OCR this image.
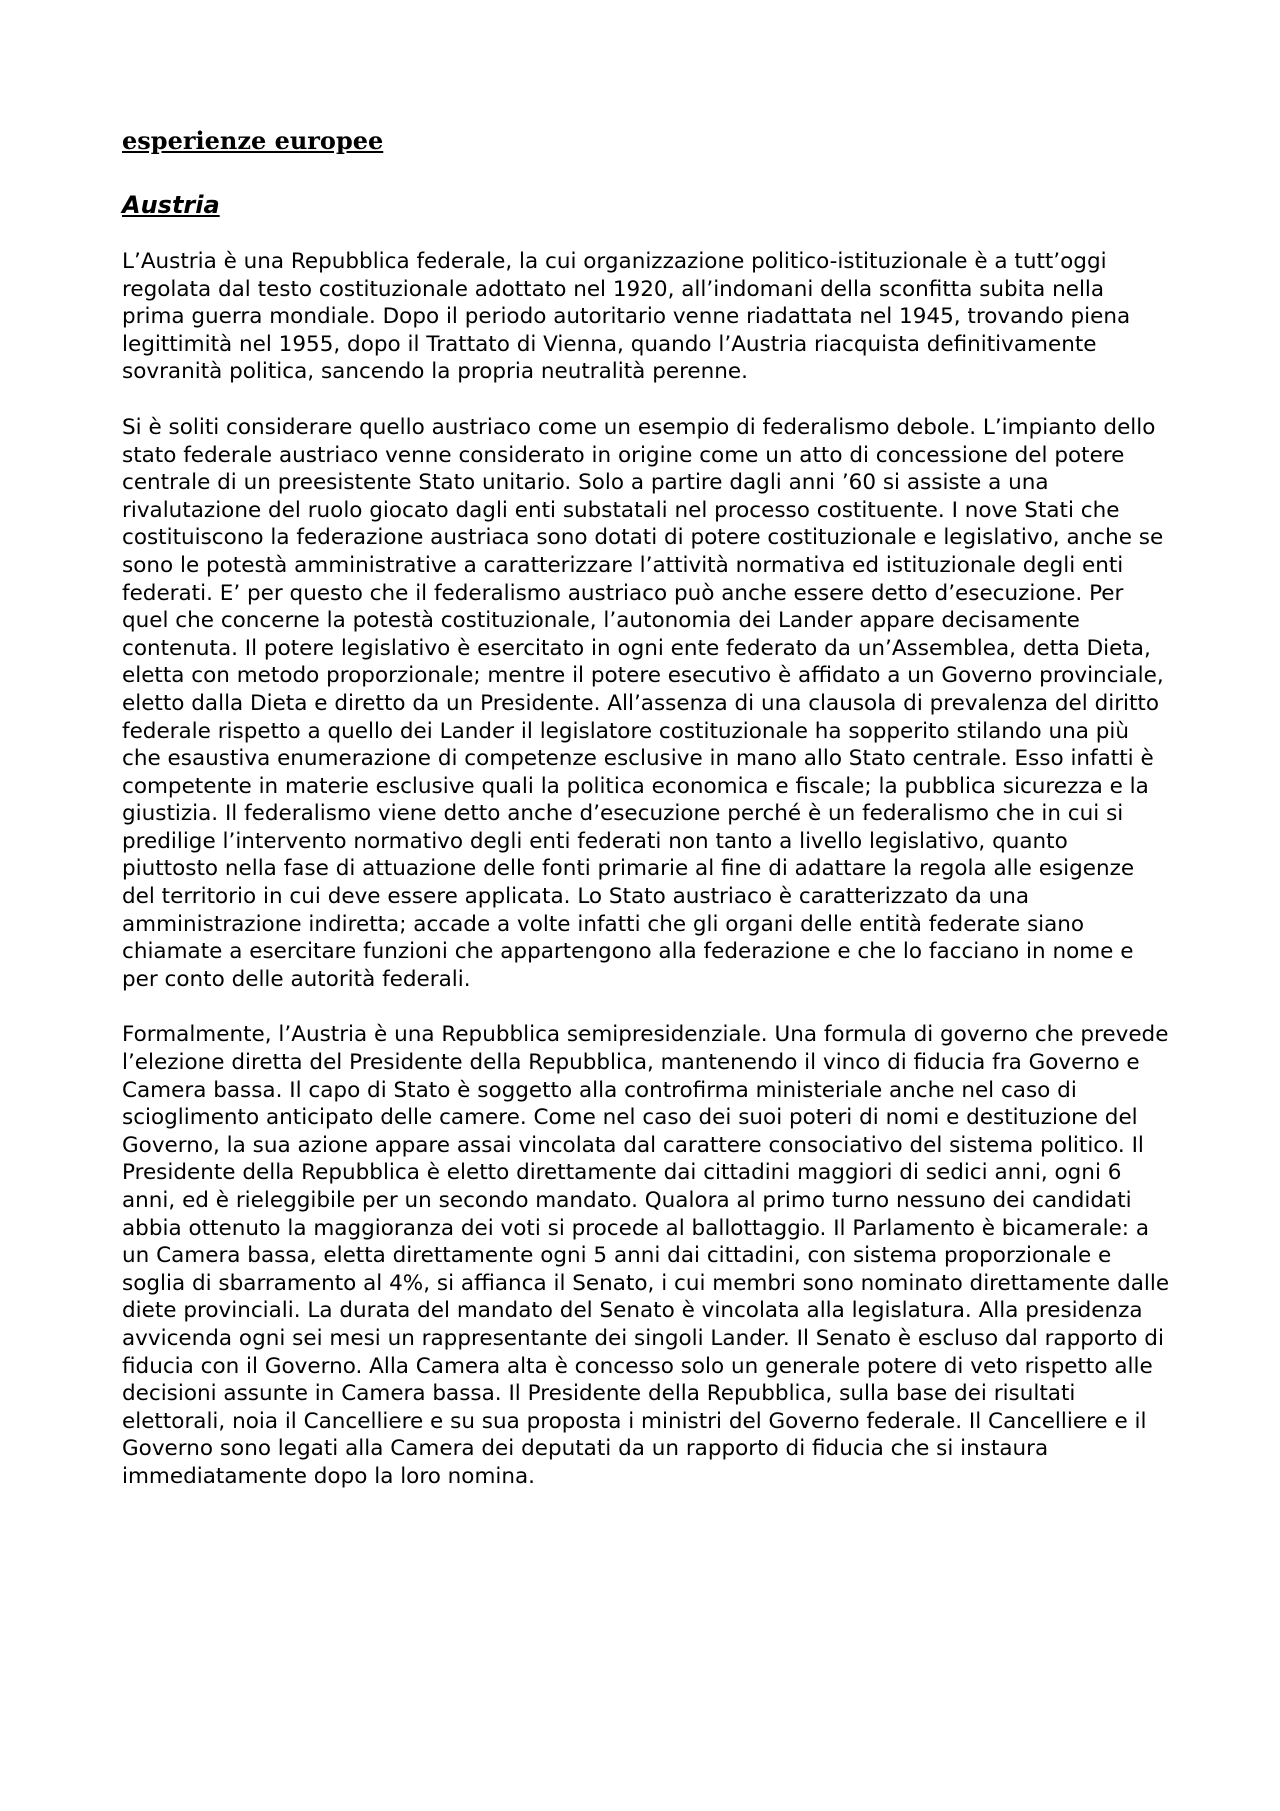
esperienze europee
Austria

L’Austria è una Repubblica federale, la cui organizzazione politico-istituzionale è a tutt’oggi regolata dal testo costituzionale adottato nel 1920, all’indomani della sconfitta subita nella prima guerra mondiale. Dopo il periodo autoritario venne riadattata nel 1945, trovando piena legittimità nel 1955, dopo il Trattato di Vienna, quando l’Austria riacquista definitivamente sovranità politica, sancendo la propria neutralità perenne.

Si è soliti considerare quello austriaco come un esempio di federalismo debole. L’impianto dello stato federale austriaco venne considerato in origine come un atto di concessione del potere centrale di un preesistente Stato unitario. Solo a partire dagli anni ’60 si assiste a una rivalutazione del ruolo giocato dagli enti substatali nel processo costituente. I nove Stati che costituiscono la federazione austriaca sono dotati di potere costituzionale e legislativo, anche se sono le potestà amministrative a caratterizzare l’attività normativa ed istituzionale degli enti federati. E’ per questo che il federalismo austriaco può anche essere detto d’esecuzione. Per quel che concerne la potestà costituzionale, l’autonomia dei Lander appare decisamente contenuta. Il potere legislativo è esercitato in ogni ente federato da un’Assemblea, detta Dieta, eletta con metodo proporzionale; mentre il potere esecutivo è affidato a un Governo provinciale, eletto dalla Dieta e diretto da un Presidente. All’assenza di una clausola di prevalenza del diritto federale rispetto a quello dei Lander il legislatore costituzionale ha sopperito stilando una più che esaustiva enumerazione di competenze esclusive in mano allo Stato centrale. Esso infatti è competente in materie esclusive quali la politica economica e fiscale; la pubblica sicurezza e la giustizia. Il federalismo viene detto anche d’esecuzione perché è un federalismo che in cui si predilige l’intervento normativo degli enti federati non tanto a livello legislativo, quanto piuttosto nella fase di attuazione delle fonti primarie al fine di adattare la regola alle esigenze del territorio in cui deve essere applicata. Lo Stato austriaco è caratterizzato da una amministrazione indiretta; accade a volte infatti che gli organi delle entità federate siano chiamate a esercitare funzioni che appartengono alla federazione e che lo facciano in nome e per conto delle autorità federali.

Formalmente, l’Austria è una Repubblica semipresidenziale. Una formula di governo che prevede l’elezione diretta del Presidente della Repubblica, mantenendo il vinco di fiducia fra Governo e Camera bassa. Il capo di Stato è soggetto alla controfirma ministeriale anche nel caso di scioglimento anticipato delle camere. Come nel caso dei suoi poteri di nomi e destituzione del Governo, la sua azione appare assai vincolata dal carattere consociativo del sistema politico. Il Presidente della Repubblica è eletto direttamente dai cittadini maggiori di sedici anni, ogni 6 anni, ed è rieleggibile per un secondo mandato. Qualora al primo turno nessuno dei candidati abbia ottenuto la maggioranza dei voti si procede al ballottaggio. Il Parlamento è bicamerale: a un Camera bassa, eletta direttamente ogni 5 anni dai cittadini, con sistema proporzionale e soglia di sbarramento al 4%, si affianca il Senato, i cui membri sono nominato direttamente dalle diete provinciali. La durata del mandato del Senato è vincolata alla legislatura. Alla presidenza avvicenda ogni sei mesi un rappresentante dei singoli Lander. Il Senato è escluso dal rapporto di fiducia con il Governo. Alla Camera alta è concesso solo un generale potere di veto rispetto alle decisioni assunte in Camera bassa. Il Presidente della Repubblica, sulla base dei risultati elettorali, noia il Cancelliere e su sua proposta i ministri del Governo federale. Il Cancelliere e il Governo sono legati alla Camera dei deputati da un rapporto di fiducia che si instaura immediatamente dopo la loro nomina.
